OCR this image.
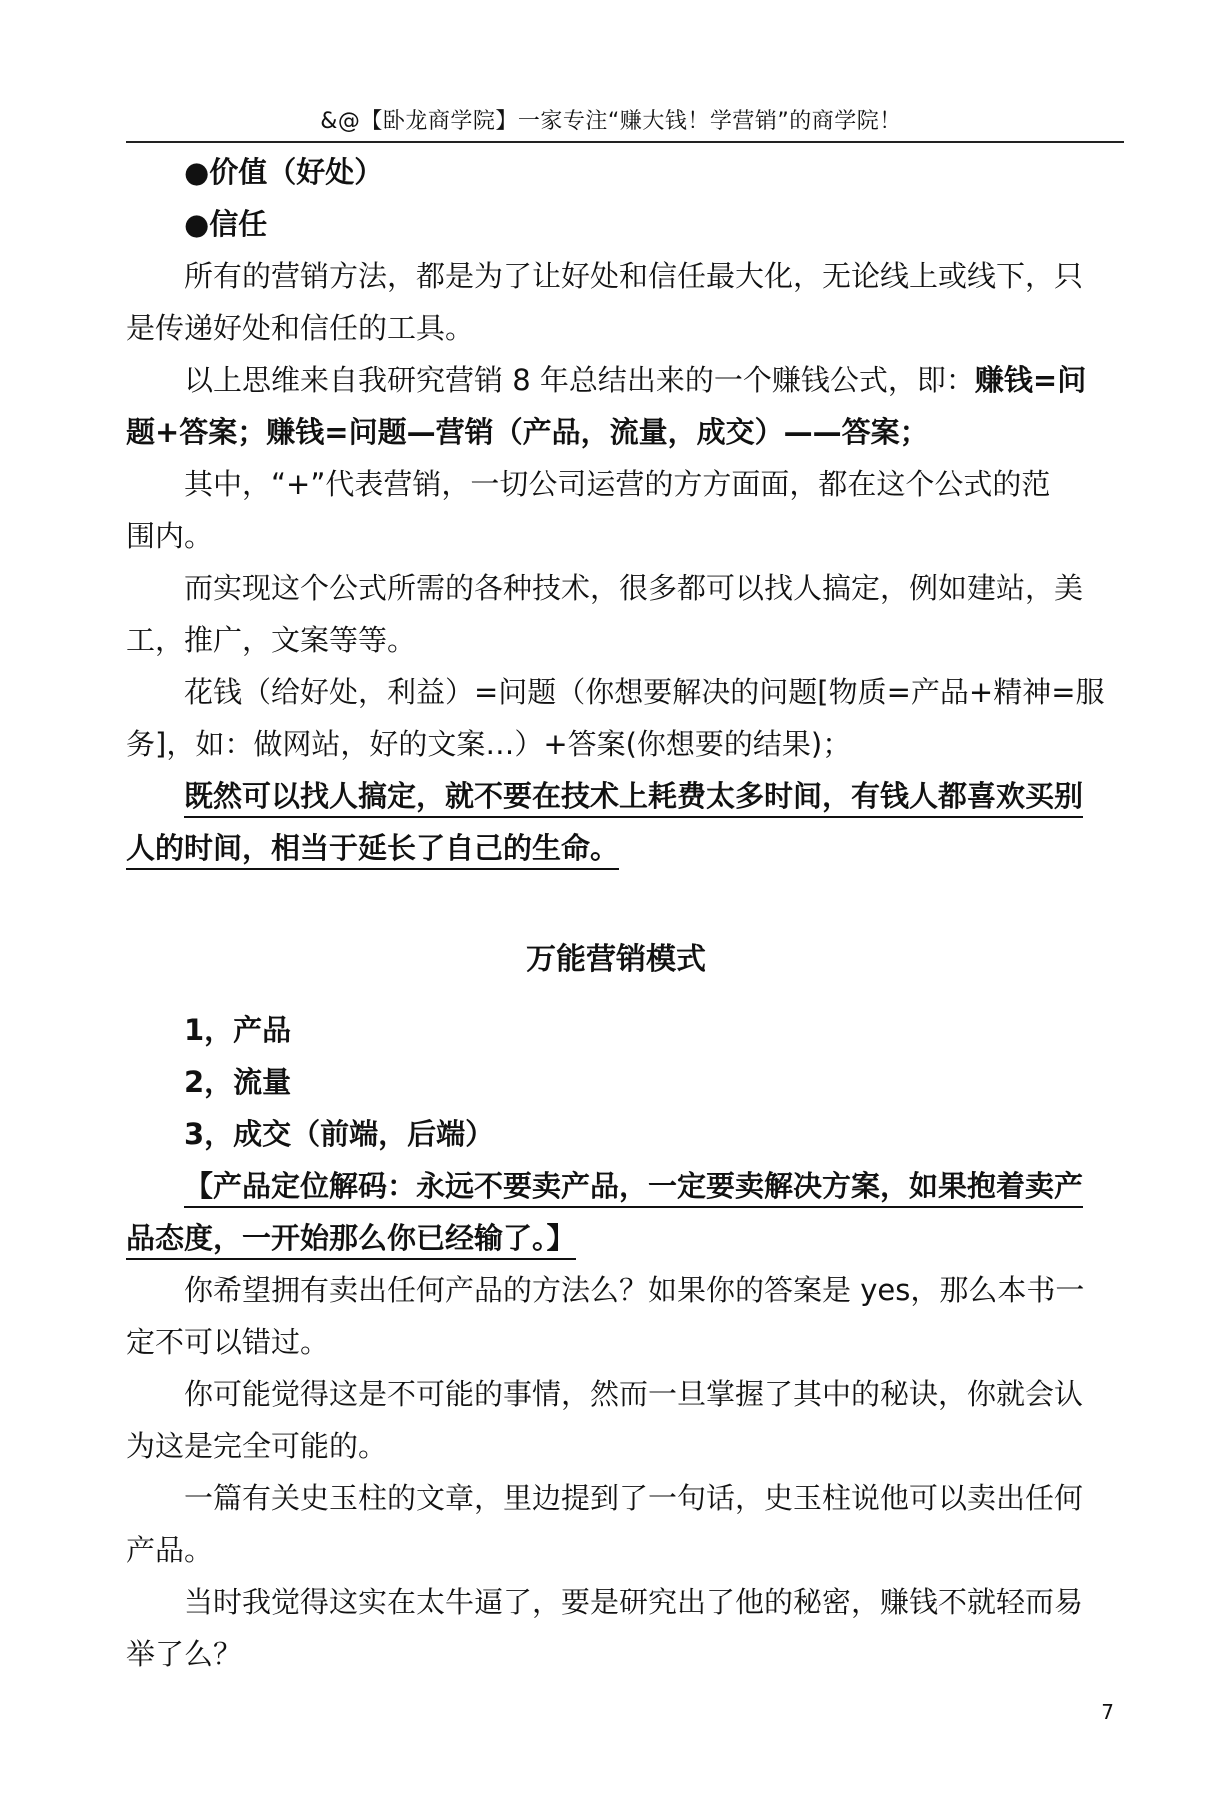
&@【卧龙商学院】一家专注“赚大钱！学营销”的商学院！
●价值（好处）
●信任
所有的营销方法，都是为了让好处和信任最大化，无论线上或线下，只
是传递好处和信任的工具。
以上思维来自我研究营销 8 年总结出来的一个赚钱公式，即：赚钱=问
题+答案；赚钱=问题—营销（产品，流量，成交）——答案；
其中，“+”代表营销，一切公司运营的方方面面，都在这个公式的范
围内。
而实现这个公式所需的各种技术，很多都可以找人搞定，例如建站，美
工，推广，文案等等。
花钱（给好处，利益）=问题（你想要解决的问题[物质=产品+精神=服
务]，如：做网站，好的文案…）+答案(你想要的结果)；
既然可以找人搞定，就不要在技术上耗费太多时间，有钱人都喜欢买别
人的时间，相当于延长了自己的生命。
万能营销模式
1，产品
2，流量
3，成交（前端，后端）
【产品定位解码：永远不要卖产品，一定要卖解决方案，如果抱着卖产
品态度，一开始那么你已经输了。】
你希望拥有卖出任何产品的方法么？如果你的答案是 yes，那么本书一
定不可以错过。
你可能觉得这是不可能的事情，然而一旦掌握了其中的秘诀，你就会认
为这是完全可能的。
一篇有关史玉柱的文章，里边提到了一句话，史玉柱说他可以卖出任何
产品。
当时我觉得这实在太牛逼了，要是研究出了他的秘密，赚钱不就轻而易
举了么？
7
